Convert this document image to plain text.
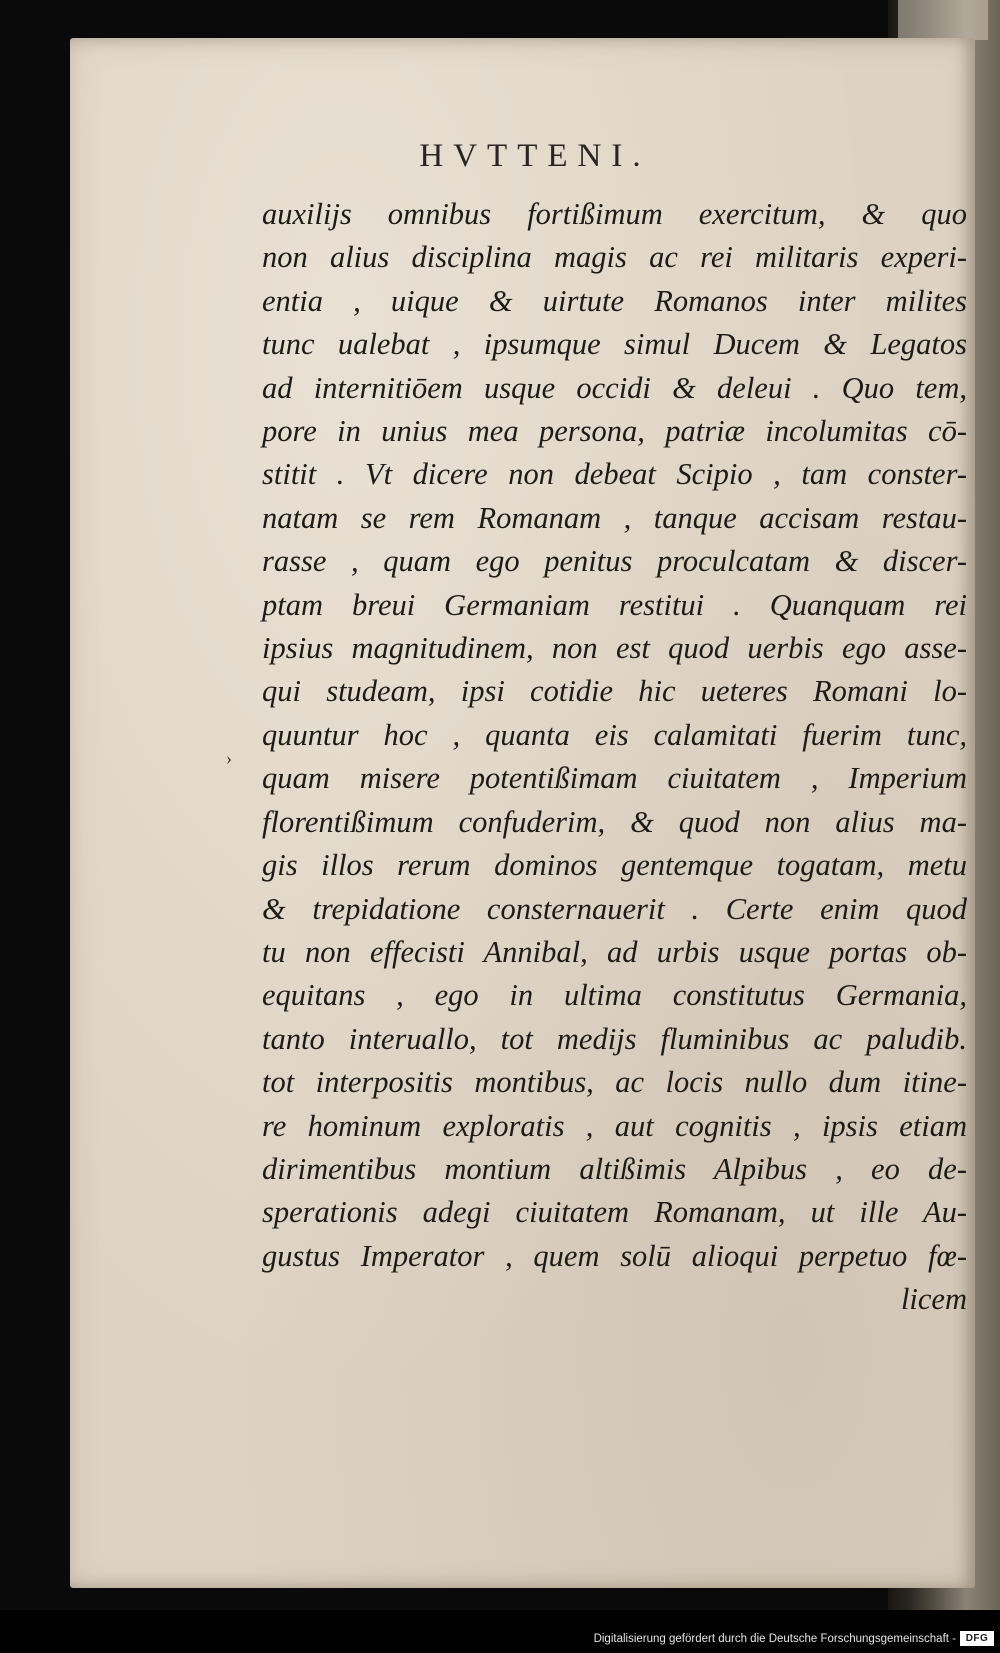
HVTTENI.
›
auxilijs omnibus fortißimum exercitum, & quo
non alius disciplina magis ac rei militaris experi-
entia , uique & uirtute Romanos inter milites
tunc ualebat , ipsumque simul Ducem & Legatos
ad internitiōem usque occidi & deleui . Quo tem,
pore in unius mea persona, patriæ incolumitas cō-
stitit . Vt dicere non debeat Scipio , tam conster-
natam se rem Romanam , tanque accisam restau-
rasse , quam ego penitus proculcatam & discer-
ptam breui Germaniam restitui . Quanquam rei
ipsius magnitudinem, non est quod uerbis ego asse-
qui studeam, ipsi cotidie hic ueteres Romani lo-
quuntur hoc , quanta eis calamitati fuerim tunc,
quam misere potentißimam ciuitatem , Imperium
florentißimum confuderim, & quod non alius ma-
gis illos rerum dominos gentemque togatam, metu
& trepidatione consternauerit . Certe enim quod
tu non effecisti Annibal, ad urbis usque portas ob-
equitans , ego in ultima constitutus Germania,
tanto interuallo, tot medijs fluminibus ac paludib.
tot interpositis montibus, ac locis nullo dum itine-
re hominum exploratis , aut cognitis , ipsis etiam
dirimentibus montium altißimis Alpibus , eo de-
sperationis adegi ciuitatem Romanam, ut ille Au-
gustus Imperator , quem solū alioqui perpetuo fœ-
licem
Digitalisierung gefördert durch die Deutsche Forschungsgemeinschaft - DFG
